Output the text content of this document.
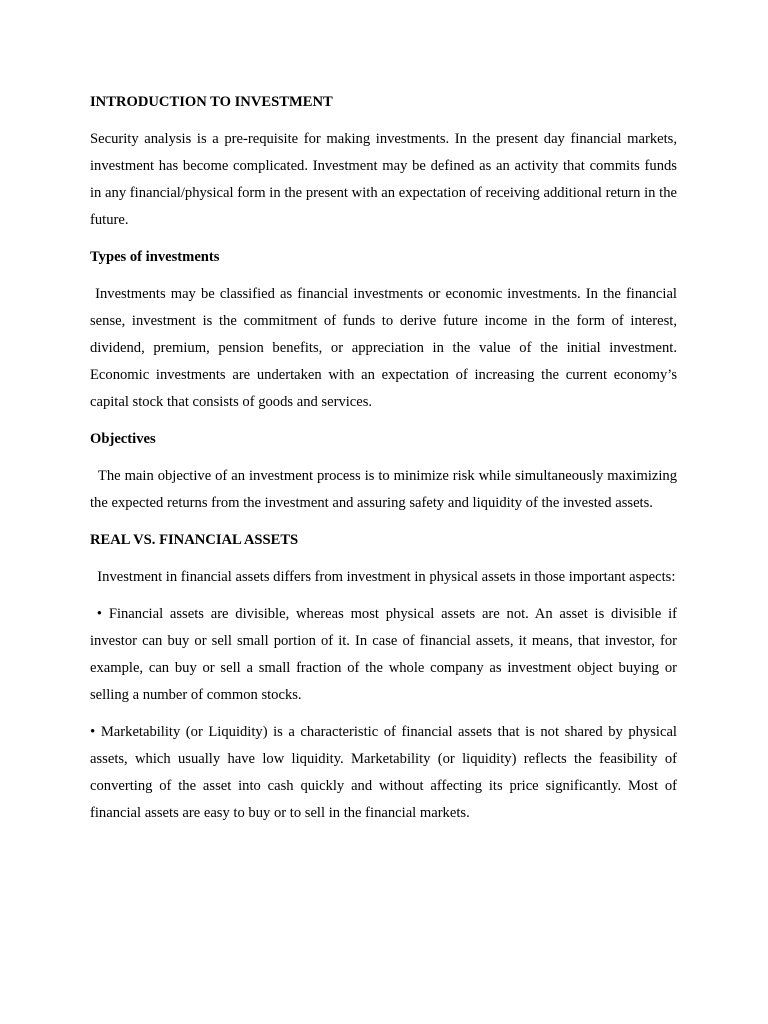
INTRODUCTION TO INVESTMENT

Security analysis is a pre-requisite for making investments. In the present day financial markets, investment has become complicated. Investment may be defined as an activity that commits funds in any financial/physical form in the present with an expectation of receiving additional return in the future.

Types of investments

Investments may be classified as financial investments or economic investments. In the financial sense, investment is the commitment of funds to derive future income in the form of interest, dividend, premium, pension benefits, or appreciation in the value of the initial investment. Economic investments are undertaken with an expectation of increasing the current economy’s capital stock that consists of goods and services.

Objectives

The main objective of an investment process is to minimize risk while simultaneously maximizing the expected returns from the investment and assuring safety and liquidity of the invested assets.

REAL VS. FINANCIAL ASSETS

Investment in financial assets differs from investment in physical assets in those important aspects:

• Financial assets are divisible, whereas most physical assets are not. An asset is divisible if investor can buy or sell small portion of it. In case of financial assets, it means, that investor, for example, can buy or sell a small fraction of the whole company as investment object buying or selling a number of common stocks.

• Marketability (or Liquidity) is a characteristic of financial assets that is not shared by physical assets, which usually have low liquidity. Marketability (or liquidity) reflects the feasibility of converting of the asset into cash quickly and without affecting its price significantly. Most of financial assets are easy to buy or to sell in the financial markets.
